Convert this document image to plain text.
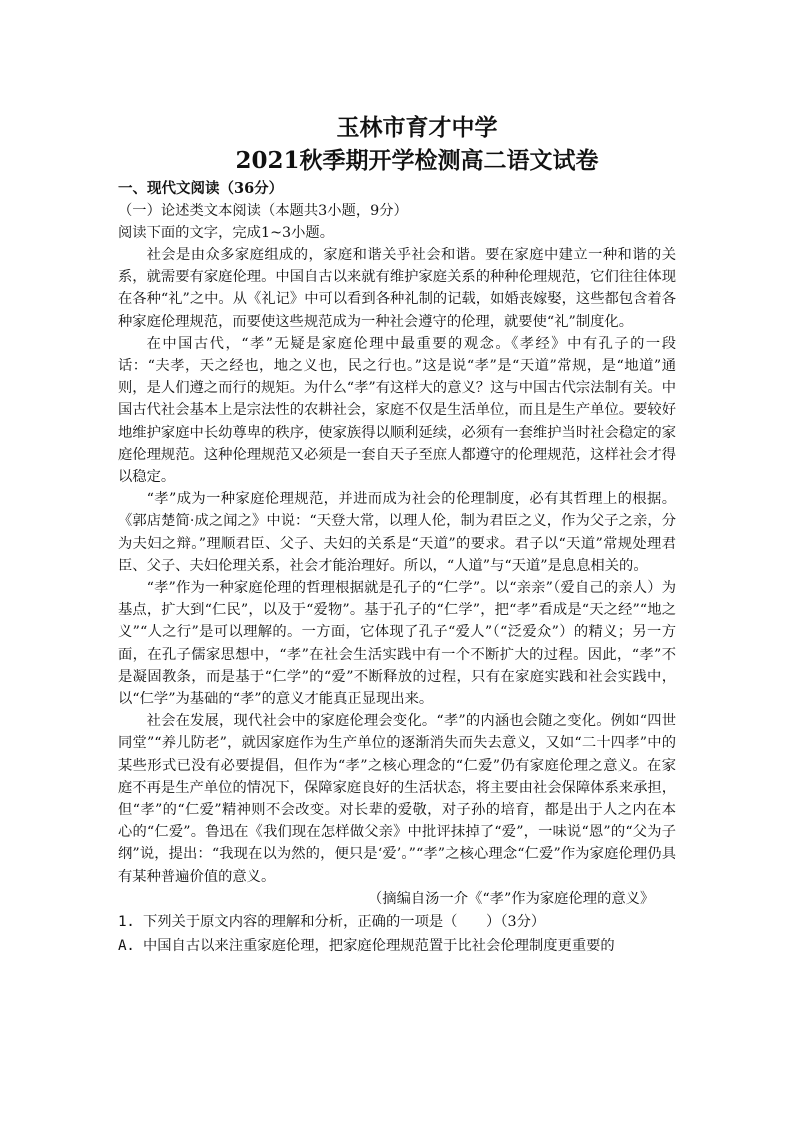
玉林市育才中学

2021秋季期开学检测高二语文试卷

一、现代文阅读（36分）

（一）论述类文本阅读（本题共3小题，9分）

阅读下面的文字，完成1~3小题。

社会是由众多家庭组成的，家庭和谐关乎社会和谐。要在家庭中建立一种和谐的关系，就需要有家庭伦理。中国自古以来就有维护家庭关系的种种伦理规范，它们往往体现在各种“礼”之中。从《礼记》中可以看到各种礼制的记载，如婚丧嫁娶，这些都包含着各种家庭伦理规范，而要使这些规范成为一种社会遵守的伦理，就要使“礼”制度化。

在中国古代，“孝”无疑是家庭伦理中最重要的观念。《孝经》中有孔子的一段话：“夫孝，天之经也，地之义也，民之行也。”这是说“孝”是“天道”常规，是“地道”通则，是人们遵之而行的规矩。为什么“孝”有这样大的意义？这与中国古代宗法制有关。中国古代社会基本上是宗法性的农耕社会，家庭不仅是生活单位，而且是生产单位。要较好地维护家庭中长幼尊卑的秩序，使家族得以顺利延续，必须有一套维护当时社会稳定的家庭伦理规范。这种伦理规范又必须是一套自天子至庶人都遵守的伦理规范，这样社会才得以稳定。

“孝”成为一种家庭伦理规范，并进而成为社会的伦理制度，必有其哲理上的根据。《郭店楚简·成之闻之》中说：“天登大常，以理人伦，制为君臣之义，作为父子之亲，分为夫妇之辩。”理顺君臣、父子、夫妇的关系是“天道”的要求。君子以“天道”常规处理君臣、父子、夫妇伦理关系，社会才能治理好。所以，“人道”与“天道”是息息相关的。

“孝”作为一种家庭伦理的哲理根据就是孔子的“仁学”。以“亲亲”（爱自己的亲人）为基点，扩大到“仁民”，以及于“爱物”。基于孔子的“仁学”，把“孝”看成是“天之经”“地之义”“人之行”是可以理解的。一方面，它体现了孔子“爱人”（“泛爱众”）的精义；另一方面，在孔子儒家思想中，“孝”在社会生活实践中有一个不断扩大的过程。因此，“孝”不是凝固教条，而是基于“仁学”的“爱”不断释放的过程，只有在家庭实践和社会实践中，以“仁学”为基础的“孝”的意义才能真正显现出来。

社会在发展，现代社会中的家庭伦理会变化。“孝”的内涵也会随之变化。例如“四世同堂”“养儿防老”，就因家庭作为生产单位的逐渐消失而失去意义，又如“二十四孝”中的某些形式已没有必要提倡，但作为“孝”之核心理念的“仁爱”仍有家庭伦理之意义。在家庭不再是生产单位的情况下，保障家庭良好的生活状态，将主要由社会保障体系来承担，但“孝”的“仁爱”精神则不会改变。对长辈的爱敬，对子孙的培育，都是出于人之内在本心的“仁爱”。鲁迅在《我们现在怎样做父亲》中批评抹掉了“爱”，一味说“恩”的“父为子纲”说，提出：“我现在以为然的，便只是‘爱’。”“孝”之核心理念“仁爱”作为家庭伦理仍具有某种普遍价值的意义。

（摘编自汤一介《“孝”作为家庭伦理的意义》

1. 下列关于原文内容的理解和分析，正确的一项是（　　）（3分）

A. 中国自古以来注重家庭伦理，把家庭伦理规范置于比社会伦理制度更重要的
